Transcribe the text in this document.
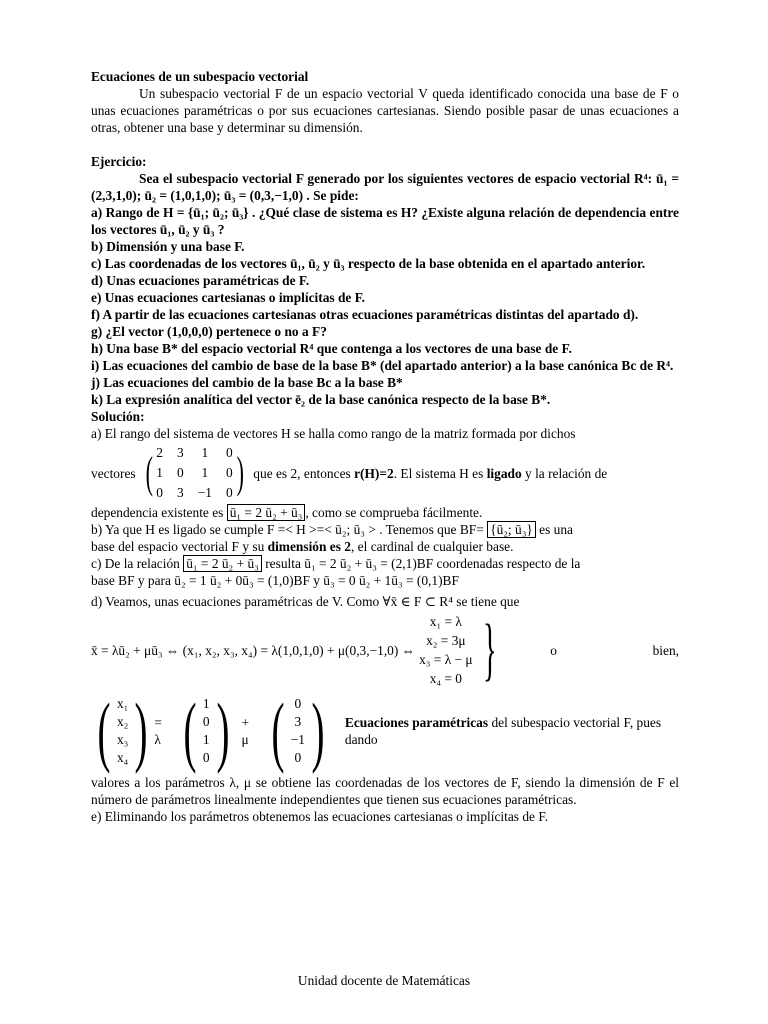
Ecuaciones de un subespacio vectorial

Un subespacio vectorial F de un espacio vectorial V queda identificado conocida una base de F o unas ecuaciones paramétricas o por sus ecuaciones cartesianas. Siendo posible pasar de unas ecuaciones a otras, obtener una base y determinar su dimensión.

Ejercicio:

Sea el subespacio vectorial F generado por los siguientes vectores de espacio vectorial R⁴: ū₁ = (2,3,1,0); ū₂ = (1,0,1,0); ū₃ = (0,3,−1,0) . Se pide:

a) Rango de H = {ū₁; ū₂; ū₃} . ¿Qué clase de sistema es H? ¿Existe alguna relación de dependencia entre los vectores ū₁, ū₂ y ū₃ ?

b) Dimensión y una base F.

c) Las coordenadas de los vectores ū₁, ū₂ y ū₃ respecto de la base obtenida en el apartado anterior.

d) Unas ecuaciones paramétricas de F.

e) Unas ecuaciones cartesianas o implícitas de F.

f) A partir de las ecuaciones cartesianas otras ecuaciones paramétricas distintas del apartado d).

g) ¿El vector (1,0,0,0) pertenece o no a F?

h) Una base B* del espacio vectorial R⁴ que contenga a los vectores de una base de F.

i) Las ecuaciones del cambio de base de la base B* (del apartado anterior) a la base canónica Bc de R⁴.

j) Las ecuaciones del cambio de la base Bc a la base B*

k) La expresión analítica del vector ē₂ de la base canónica respecto de la base B*.

Solución:

a) El rango del sistema de vectores H se halla como rango de la matriz formada por dichos

vectores ( 2 3 1 0
1 0 1 0
0 3 −1 0 ) que es 2, entonces r(H)=2. El sistema H es ligado y la relación de

dependencia existente es ū₁ = 2 ū₂ + ū₃ , como se comprueba fácilmente.

b) Ya que H es ligado se cumple F =< H >=< ū₂; ū₃ > . Tenemos que BF= {ū₂; ū₃} es una

base del espacio vectorial F y su dimensión es 2, el cardinal de cualquier base.

c) De la relación ū₁ = 2 ū₂ + ū₃ resulta ū₁ = 2 ū₂ + ū₃ = (2,1)BF coordenadas respecto de la

base BF y para ū₂ = 1 ū₂ + 0ū₃ = (1,0)BF y ū₃ = 0 ū₂ + 1ū₃ = (0,1)BF

d) Veamos, unas ecuaciones paramétricas de V. Como ∀x̄ ∈ F ⊂ R⁴ se tiene que

x̄ = λū₂ + μū₃ ⇔ (x₁, x₂, x₃, x₄) = λ(1,0,1,0) + μ(0,3,−1,0) ⇔
x₁ = λ
x₂ = 3μ
x₃ = λ − μ
x₄ = 0 }	o	bien,
( x₁
x₂
x₃
x₄ ) = λ ( 1
0
1
0 ) + μ ( 0
3
−1
0 ) Ecuaciones paramétricas del subespacio vectorial F, pues dando

valores a los parámetros λ, μ se obtiene las coordenadas de los vectores de F, siendo la dimensión de F el número de parámetros linealmente independientes que tienen sus ecuaciones paramétricas.

e) Eliminando los parámetros obtenemos las ecuaciones cartesianas o implícitas de F.

Unidad docente de Matemáticas
